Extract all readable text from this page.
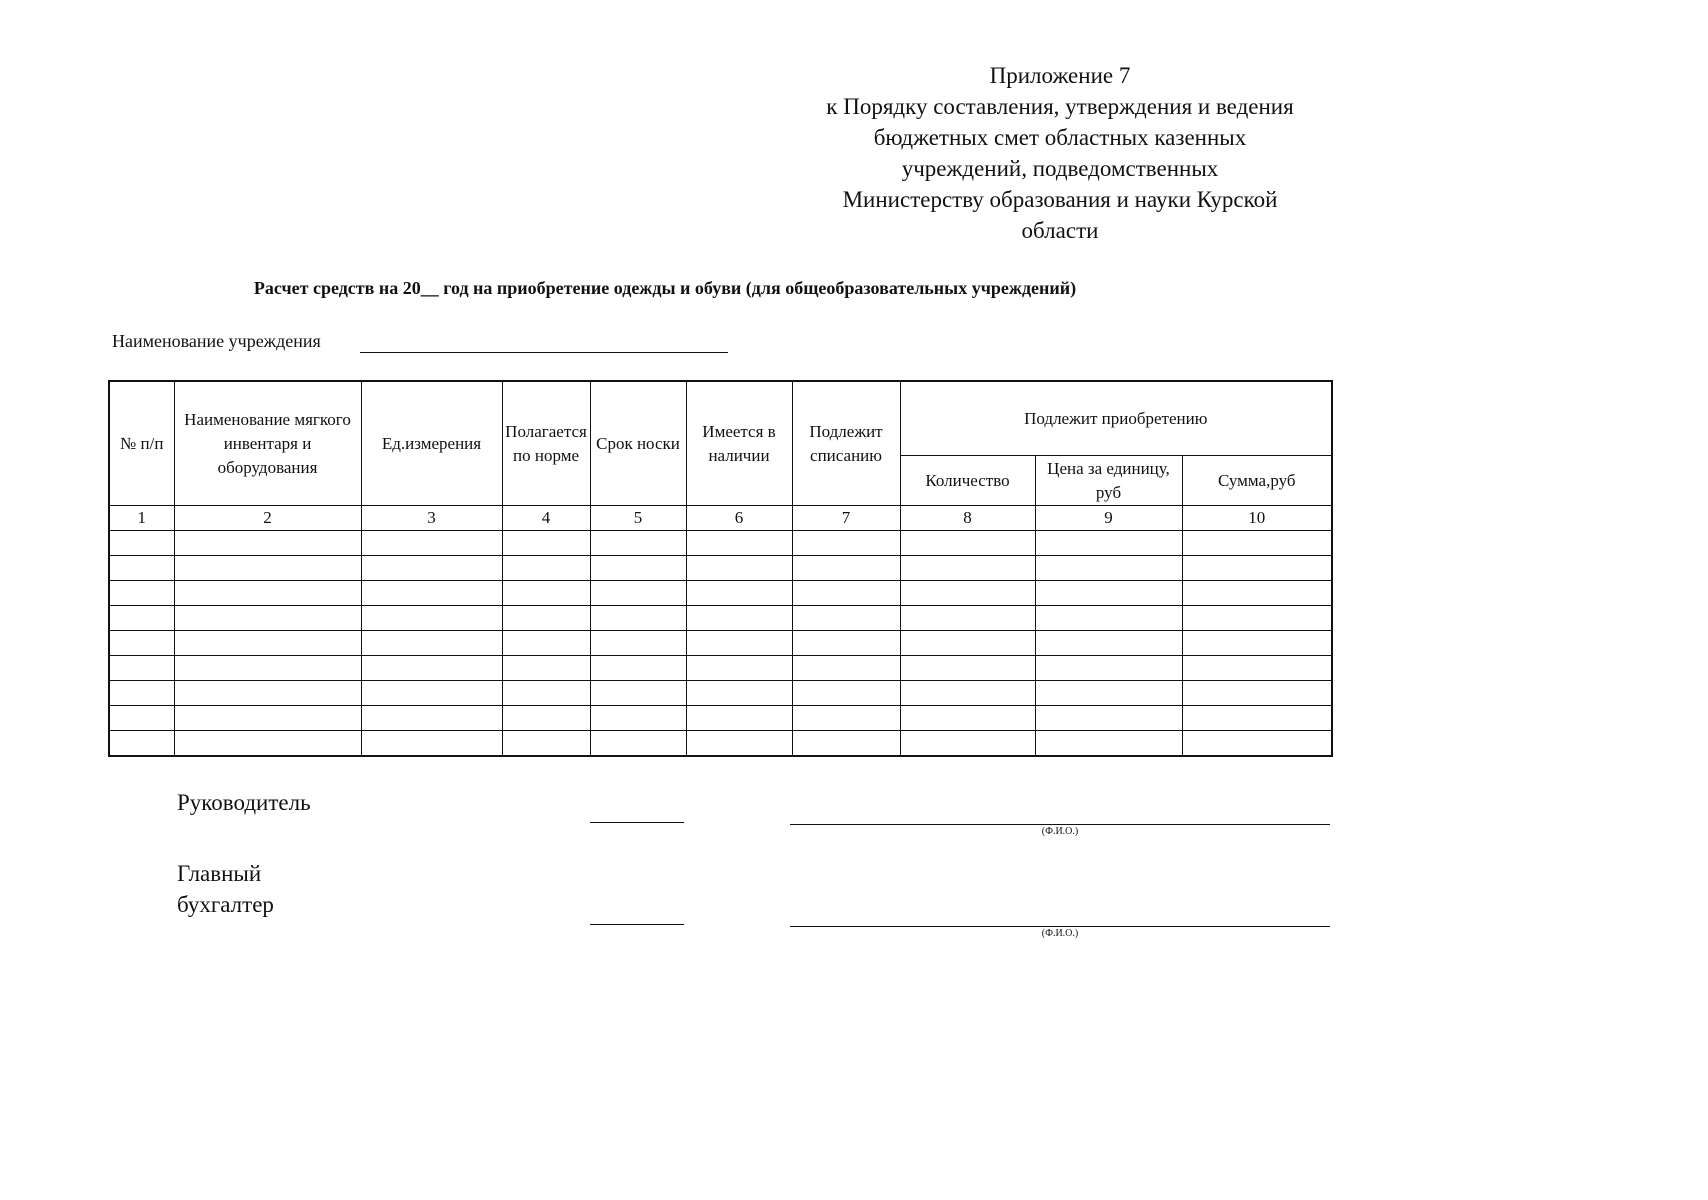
Приложение 7
к Порядку составления, утверждения и ведения
бюджетных смет областных казенных
учреждений, подведомственных
Министерству образования и науки Курской
области
Расчет средств на 20__ год на приобретение одежды и обуви (для общеобразовательных учреждений)
Наименование учреждения
№ п/п	Наименование мягкого инвентаря и оборудования	Ед.измерения	Полагается по норме	Срок носки	Имеется в наличии	Подлежит списанию	Подлежит приобретению		
							Количество	Цена за единицу, руб	Сумма,руб
1	2	3	4	5	6	7	8	9	10

Руководитель
(Ф.И.О.)
Главный
бухгалтер
(Ф.И.О.)
